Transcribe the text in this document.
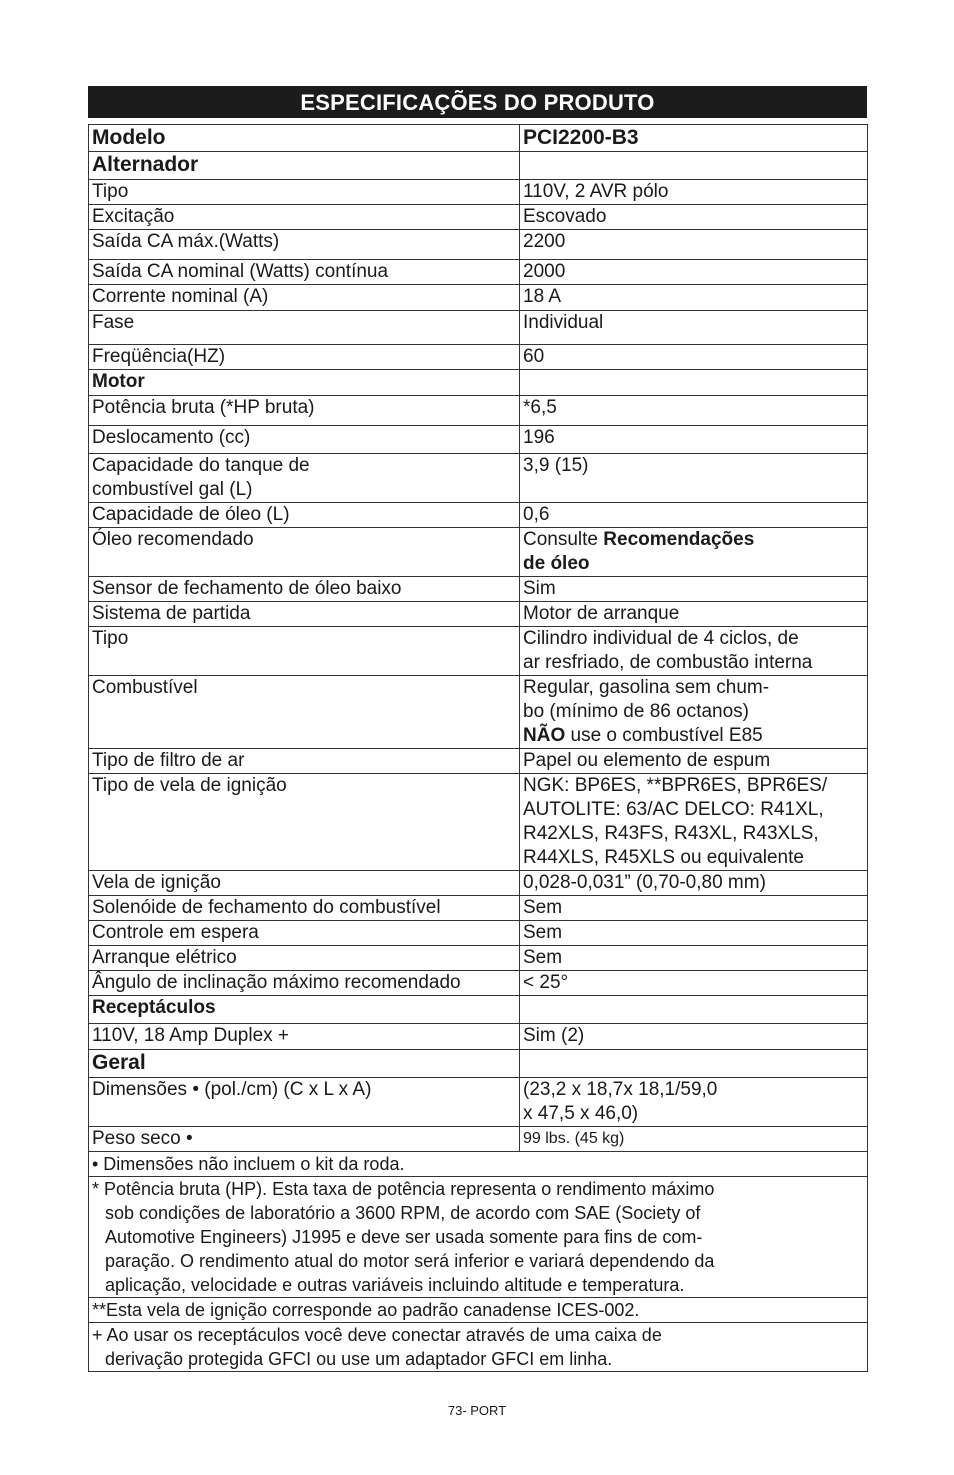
ESPECIFICAÇÕES DO PRODUTO
Modelo	PCI2200-B3
Alternador	
Tipo	110V, 2 AVR pólo
Excitação	Escovado
Saída CA máx.(Watts)	2200
Saída CA nominal (Watts) contínua	2000
Corrente nominal (A)	18 A
Fase	Individual
Freqüência(HZ)	60
Motor	
Potência bruta (*HP bruta)	*6,5
Deslocamento (cc)	196
Capacidade do tanque de
combustível gal (L)	3,9 (15)
Capacidade de óleo (L)	0,6
Óleo recomendado	Consulte Recomendações
de óleo
Sensor de fechamento de óleo baixo	Sim
Sistema de partida	Motor de arranque
Tipo	Cilindro individual de 4 ciclos, de
ar resfriado, de combustão interna
Combustível	Regular, gasolina sem chum-
bo (mínimo de 86 octanos)
NÃO use o combustível E85
Tipo de filtro de ar	Papel ou elemento de espum
Tipo de vela de ignição	NGK: BP6ES, **BPR6ES, BPR6ES/
AUTOLITE: 63/AC DELCO: R41XL,
R42XLS, R43FS, R43XL, R43XLS,
R44XLS, R45XLS ou equivalente
Vela de ignição	0,028-0,031” (0,70-0,80 mm)
Solenóide de fechamento do combustível	Sem
Controle em espera	Sem
Arranque elétrico	Sem
Ângulo de inclinação máximo recomendado	< 25°
Receptáculos	
110V, 18 Amp Duplex +	Sim (2)
Geral	
Dimensões • (pol./cm) (C x L x A)	(23,2 x 18,7x 18,1/59,0
x 47,5 x 46,0)
Peso seco •	99 lbs. (45 kg)
• Dimensões não incluem o kit da roda.	
* Potência bruta (HP). Esta taxa de potência representa o rendimento máximo
sob condições de laboratório a 3600 RPM, de acordo com SAE (Society of
Automotive Engineers) J1995 e deve ser usada somente para fins de com-
paração. O rendimento atual do motor será inferior e variará dependendo da
aplicação, velocidade e outras variáveis incluindo altitude e temperatura.	

**Esta vela de ignição corresponde ao padrão canadense ICES-002.	
+ Ao usar os receptáculos você deve conectar através de uma caixa de
derivação protegida GFCI ou use um adaptador GFCI em linha.	
73- PORT
